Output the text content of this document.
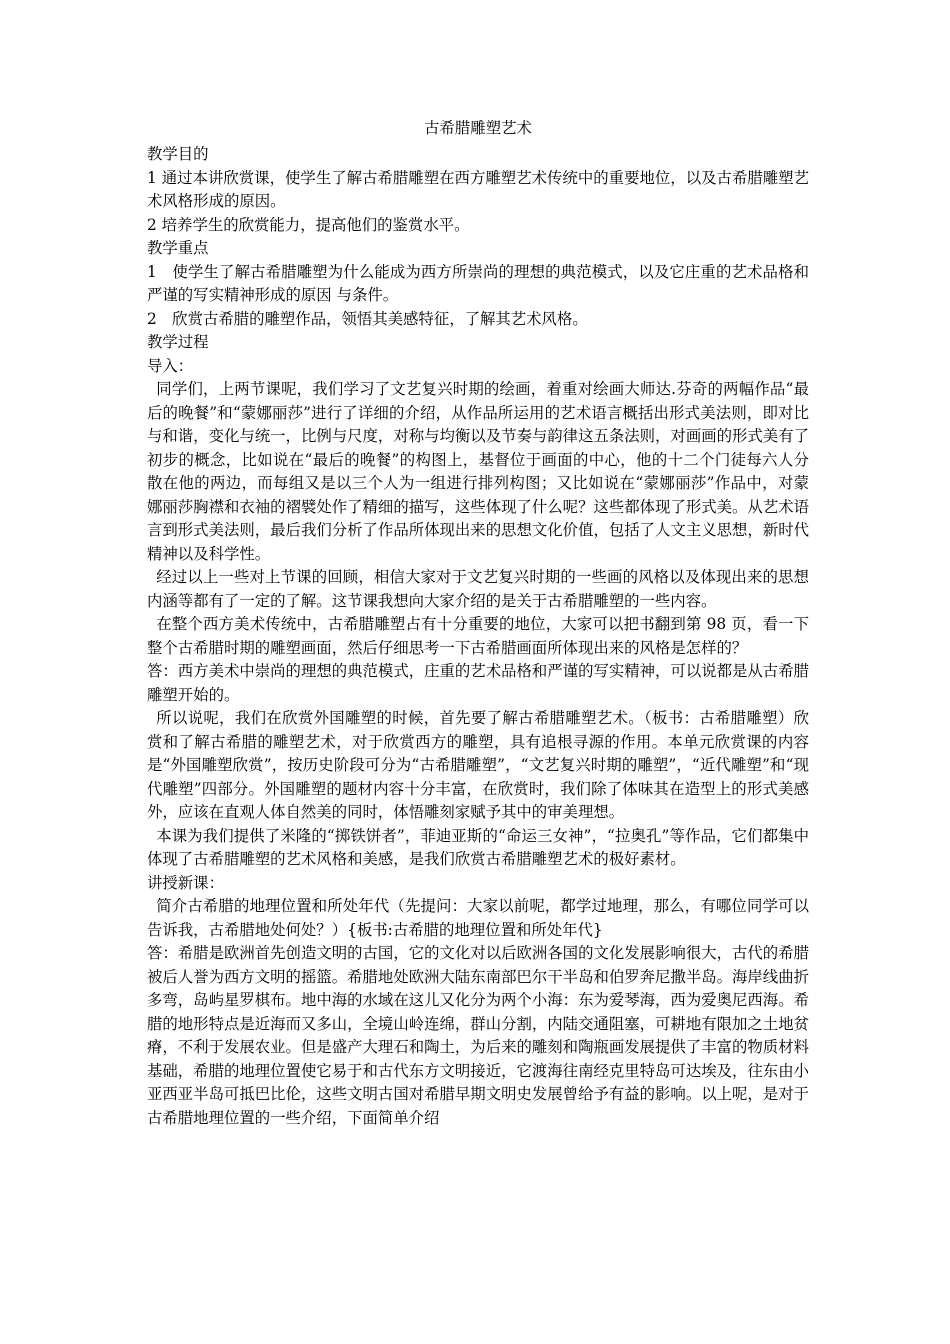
古希腊雕塑艺术

教学目的

1 通过本讲欣赏课，使学生了解古希腊雕塑在西方雕塑艺术传统中的重要地位，以及古希腊雕塑艺术风格形成的原因。

2 培养学生的欣赏能力，提高他们的鉴赏水平。

教学重点

1　使学生了解古希腊雕塑为什么能成为西方所崇尚的理想的典范模式，以及它庄重的艺术品格和严谨的写实精神形成的原因 与条件。

2　欣赏古希腊的雕塑作品，领悟其美感特征，了解其艺术风格。

教学过程

导入：

同学们，上两节课呢，我们学习了文艺复兴时期的绘画，着重对绘画大师达.芬奇的两幅作品“最后的晚餐”和“蒙娜丽莎”进行了详细的介绍，从作品所运用的艺术语言概括出形式美法则，即对比与和谐，变化与统一，比例与尺度，对称与均衡以及节奏与韵律这五条法则，对画画的形式美有了初步的概念，比如说在“最后的晚餐”的构图上，基督位于画面的中心，他的十二个门徒每六人分散在他的两边，而每组又是以三个人为一组进行排列构图；又比如说在“蒙娜丽莎”作品中，对蒙娜丽莎胸襟和衣袖的褶襞处作了精细的描写，这些体现了什么呢？这些都体现了形式美。从艺术语言到形式美法则，最后我们分析了作品所体现出来的思想文化价值，包括了人文主义思想，新时代精神以及科学性。

经过以上一些对上节课的回顾，相信大家对于文艺复兴时期的一些画的风格以及体现出来的思想内涵等都有了一定的了解。这节课我想向大家介绍的是关于古希腊雕塑的一些内容。

在整个西方美术传统中，古希腊雕塑占有十分重要的地位，大家可以把书翻到第 98 页，看一下整个古希腊时期的雕塑画面，然后仔细思考一下古希腊画面所体现出来的风格是怎样的？

答：西方美术中崇尚的理想的典范模式，庄重的艺术品格和严谨的写实精神，可以说都是从古希腊雕塑开始的。

所以说呢，我们在欣赏外国雕塑的时候，首先要了解古希腊雕塑艺术。（板书：古希腊雕塑）欣赏和了解古希腊的雕塑艺术，对于欣赏西方的雕塑，具有追根寻源的作用。本单元欣赏课的内容是“外国雕塑欣赏”，按历史阶段可分为“古希腊雕塑”，“文艺复兴时期的雕塑”，“近代雕塑”和“现代雕塑”四部分。外国雕塑的题材内容十分丰富，在欣赏时，我们除了体味其在造型上的形式美感外，应该在直观人体自然美的同时，体悟雕刻家赋予其中的审美理想。

本课为我们提供了米隆的“掷铁饼者”，菲迪亚斯的“命运三女神”，“拉奥孔”等作品，它们都集中体现了古希腊雕塑的艺术风格和美感，是我们欣赏古希腊雕塑艺术的极好素材。

讲授新课：

简介古希腊的地理位置和所处年代（先提问：大家以前呢，都学过地理，那么，有哪位同学可以告诉我，古希腊地处何处？）{板书:古希腊的地理位置和所处年代}

答：希腊是欧洲首先创造文明的古国，它的文化对以后欧洲各国的文化发展影响很大，古代的希腊被后人誉为西方文明的摇篮。希腊地处欧洲大陆东南部巴尔干半岛和伯罗奔尼撒半岛。海岸线曲折多弯，岛屿星罗棋布。地中海的水域在这儿又化分为两个小海：东为爱琴海，西为爱奥尼西海。希腊的地形特点是近海而又多山，全境山岭连绵，群山分割，内陆交通阻塞，可耕地有限加之土地贫瘠，不利于发展农业。但是盛产大理石和陶土，为后来的雕刻和陶瓶画发展提供了丰富的物质材料基础，希腊的地理位置使它易于和古代东方文明接近，它渡海往南经克里特岛可达埃及，往东由小亚西亚半岛可抵巴比伦，这些文明古国对希腊早期文明史发展曾给予有益的影响。以上呢，是对于古希腊地理位置的一些介绍，下面简单介绍
